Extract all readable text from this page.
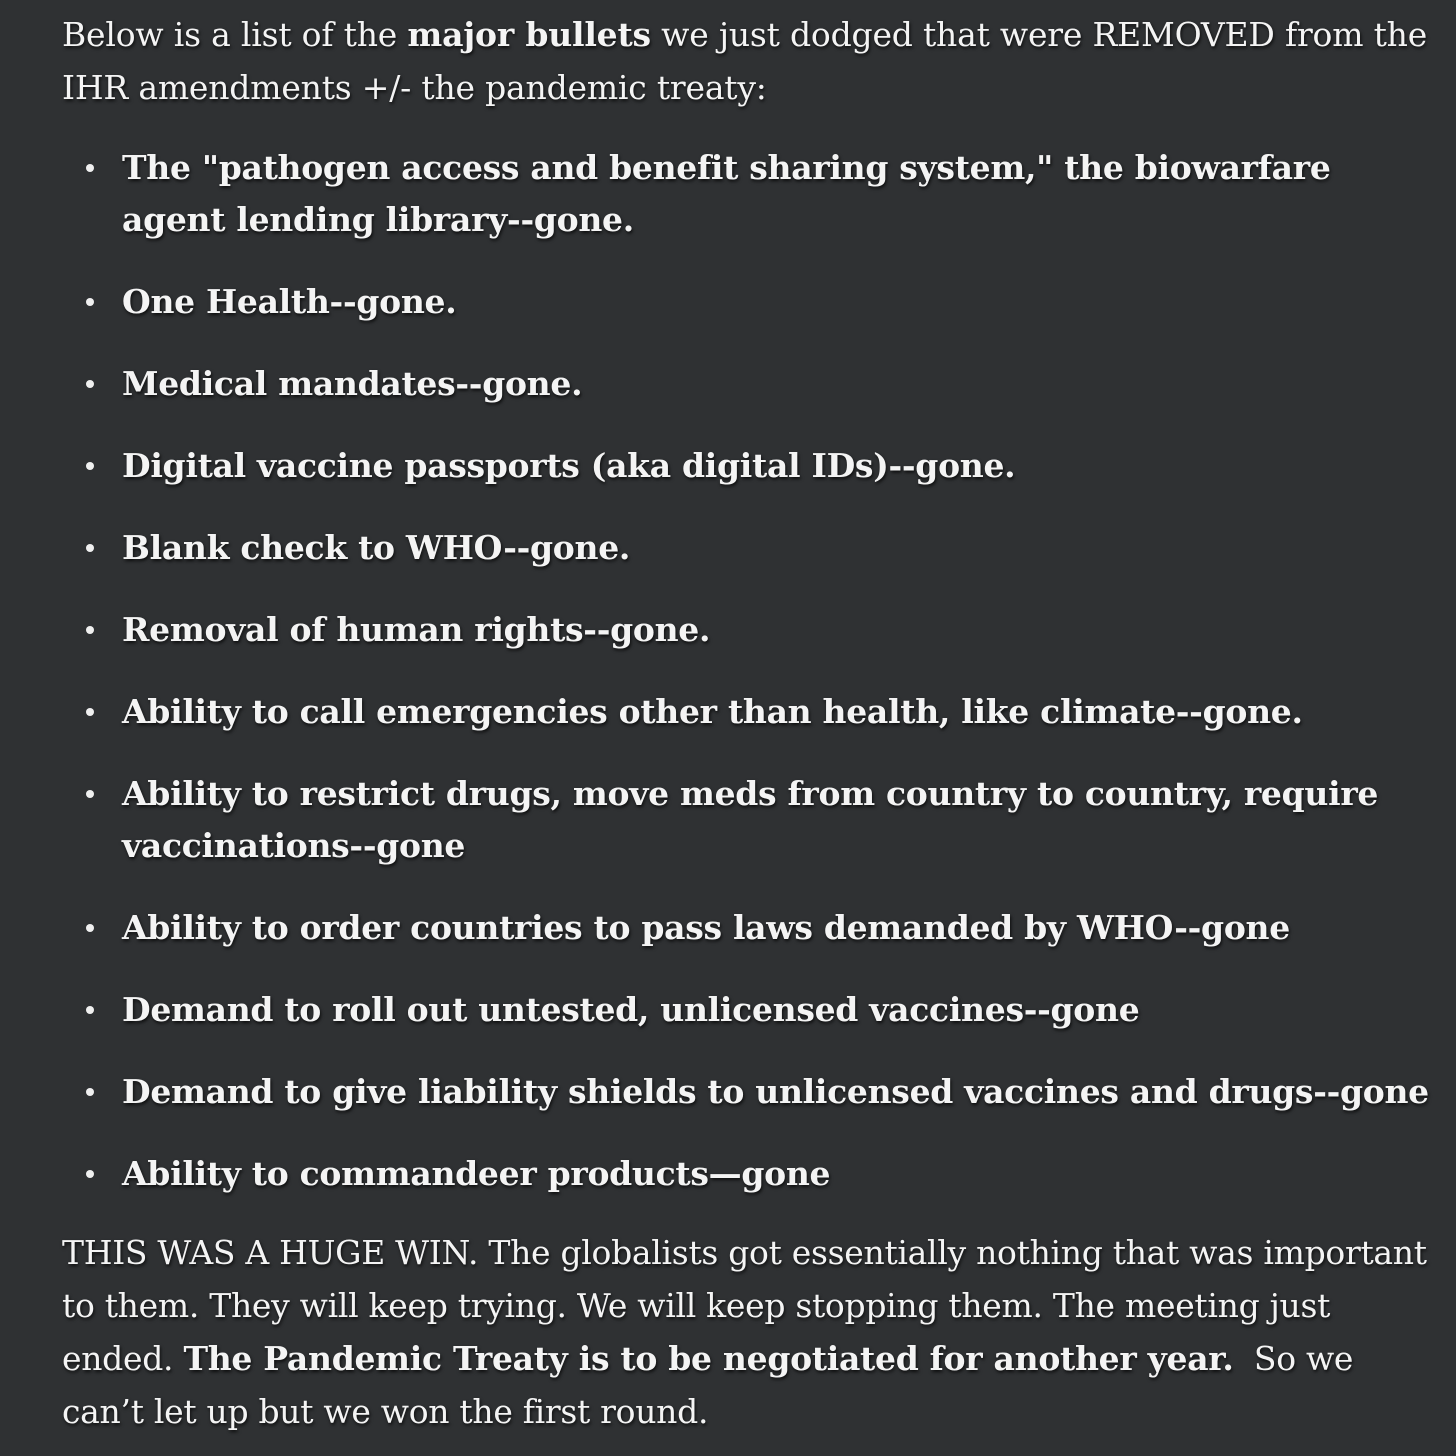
Below is a list of the major bullets we just dodged that were REMOVED from the IHR amendments +/- the pandemic treaty:

The "pathogen access and benefit sharing system," the biowarfare agent lending library--gone.
One Health--gone.
Medical mandates--gone.
Digital vaccine passports (aka digital IDs)--gone.
Blank check to WHO--gone.
Removal of human rights--gone.
Ability to call emergencies other than health, like climate--gone.
Ability to restrict drugs, move meds from country to country, require vaccinations--gone
Ability to order countries to pass laws demanded by WHO--gone
Demand to roll out untested, unlicensed vaccines--gone
Demand to give liability shields to unlicensed vaccines and drugs--gone
Ability to commandeer products—gone

THIS WAS A HUGE WIN. The globalists got essentially nothing that was important to them. They will keep trying. We will keep stopping them. The meeting just ended. The Pandemic Treaty is to be negotiated for another year.  So we can’t let up but we won the first round.
